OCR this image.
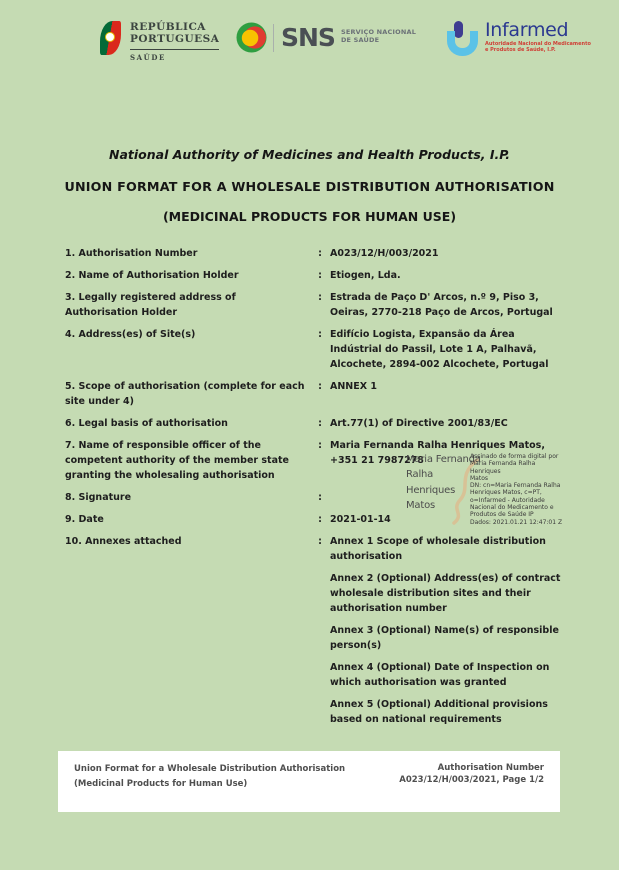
REPÚBLICA
PORTUGUESA
SAÚDE
SNS SERVIÇO NACIONAL
DE SAÚDE	Infarmed
Autoridade Nacional do Medicamento
e Produtos de Saúde, I.P.
National Authority of Medicines and Health Products, I.P.
UNION FORMAT FOR A WHOLESALE DISTRIBUTION AUTHORISATION
(MEDICINAL PRODUCTS FOR HUMAN USE)
1. Authorisation Number	: A023/12/H/003/2021
2. Name of Authorisation Holder	: Etiogen, Lda.
3. Legally registered address of Authorisation Holder
: Estrada de Paço D' Arcos, n.º 9, Piso 3, Oeiras, 2770-218 Paço de Arcos, Portugal
4. Address(es) of Site(s)	: Edifício Logista, Expansão da Área Indústrial do Passil, Lote 1 A, Palhavã, Alcochete, 2894-002 Alcochete, Portugal
5. Scope of authorisation (complete for each site under 4)
: ANNEX 1
6. Legal basis of authorisation	: Art.77(1) of Directive 2001/83/EC
7. Name of responsible officer of the competent authority of the member state granting the wholesaling authorisation
: Maria Fernanda Ralha Henriques Matos, +351 21 7987278
8. Signature	:
9. Date	: 2021-01-14
10. Annexes attached	: Annex 1 Scope of wholesale distribution authorisation

Annex 2 (Optional) Address(es) of contract wholesale distribution sites and their authorisation number

Annex 3 (Optional) Name(s) of responsible person(s)

Annex 4 (Optional) Date of Inspection on which authorisation was granted

Annex 5 (Optional) Additional provisions based on national requirements

Maria Fernanda
Ralha
Henriques
Matos
Assinado de forma digital por
Maria Fernanda Ralha Henriques
Matos
DN: cn=Maria Fernanda Ralha
Henriques Matos, c=PT,
o=Infarmed - Autoridade
Nacional do Medicamento e
Produtos de Saúde IP
Dados: 2021.01.21 12:47:01 Z
Union Format for a Wholesale Distribution Authorisation (Medicinal Products for Human Use)
Authorisation Number A023/12/H/003/2021, Page 1/2
